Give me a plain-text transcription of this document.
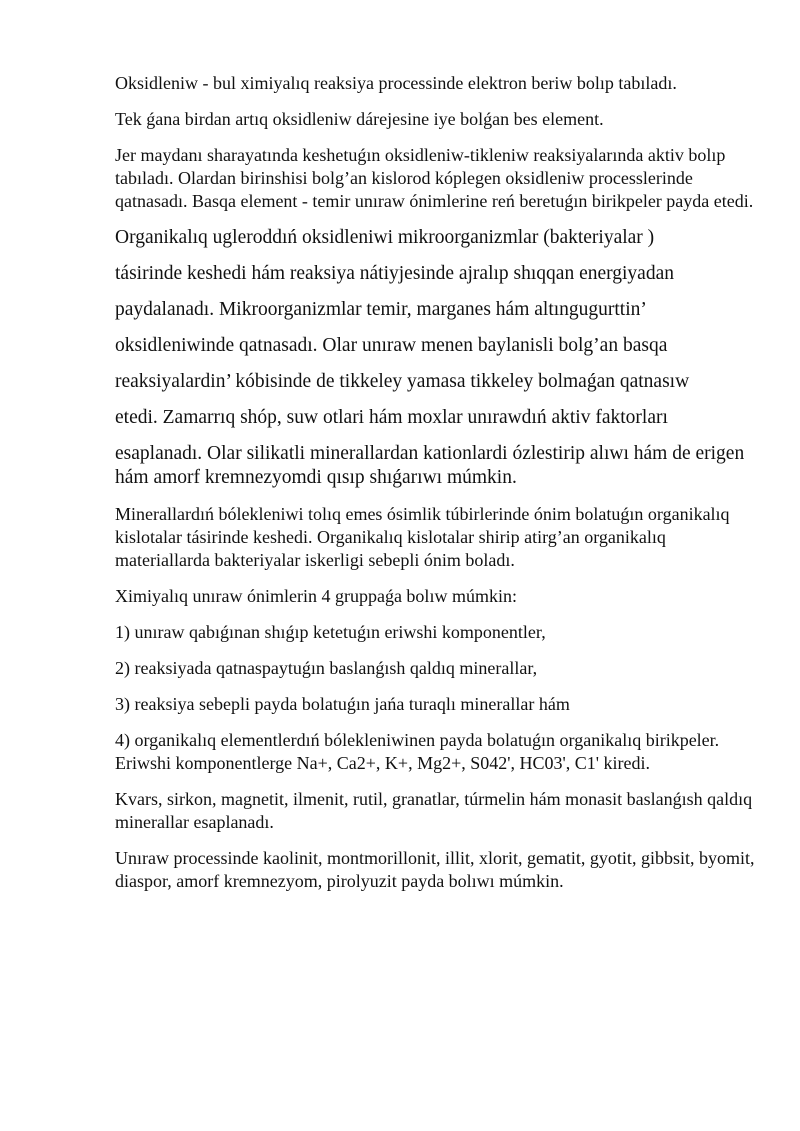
Oksidleniw - bul ximiyalıq reaksiya processinde elektron beriw bolıp tabıladı.

Tek ǵana birdan artıq oksidleniw dárejesine iye bolǵan bes element.

Jer maydanı sharayatında keshetuǵın oksidleniw-tikleniw reaksiyalarında aktiv bolıp tabıladı. Olardan birinshisi bolg’an kislorod kóplegen oksidleniw processlerinde qatnasadı. Basqa element - temir unıraw ónimlerine reń beretuǵın birikpeler payda etedi.

Organikalıq ugleroddıń oksidleniwi mikroorganizmlar (bakteriyalar )

tásirinde keshedi hám reaksiya nátiyjesinde ajralıp shıqqan energiyadan

paydalanadı. Mikroorganizmlar temir, marganes hám altıngugurttin’

oksidleniwinde qatnasadı. Olar unıraw menen baylanisli bolg’an basqa

reaksiyalardin’ kóbisinde de tikkeley yamasa tikkeley bolmaǵan qatnasıw

etedi. Zamarrıq shóp, suw otlari hám moxlar unırawdıń aktiv faktorları

esaplanadı. Olar silikatli minerallardan kationlardi ózlestirip alıwı hám de erigen hám amorf kremnezyomdi qısıp shıǵarıwı múmkin.

Minerallardıń bólekleniwi tolıq emes ósimlik túbirlerinde ónim bolatuǵın organikalıq kislotalar tásirinde keshedi. Organikalıq kislotalar shirip atirg’an organikalıq materiallarda bakteriyalar iskerligi sebepli ónim boladı.

Ximiyalıq unıraw ónimlerin 4 gruppaǵa bolıw múmkin:

1) unıraw qabıǵınan shıǵıp ketetuǵın eriwshi komponentler,

2) reaksiyada qatnaspaytuǵın baslanǵısh qaldıq minerallar,

3) reaksiya sebepli payda bolatuǵın jańa turaqlı minerallar hám

4) organikalıq elementlerdıń bólekleniwinen payda bolatuǵın organikalıq birikpeler. Eriwshi komponentlerge Na+, Ca2+, K+, Mg2+, S042', HC03', C1' kiredi.

Kvars, sirkon, magnetit, ilmenit, rutil, granatlar, túrmelin hám monasit baslanǵısh qaldıq minerallar esaplanadı.

Unıraw processinde kaolinit, montmorillonit, illit, xlorit, gematit, gyotit, gibbsit, byomit, diaspor, amorf kremnezyom, pirolyuzit payda bolıwı múmkin.
